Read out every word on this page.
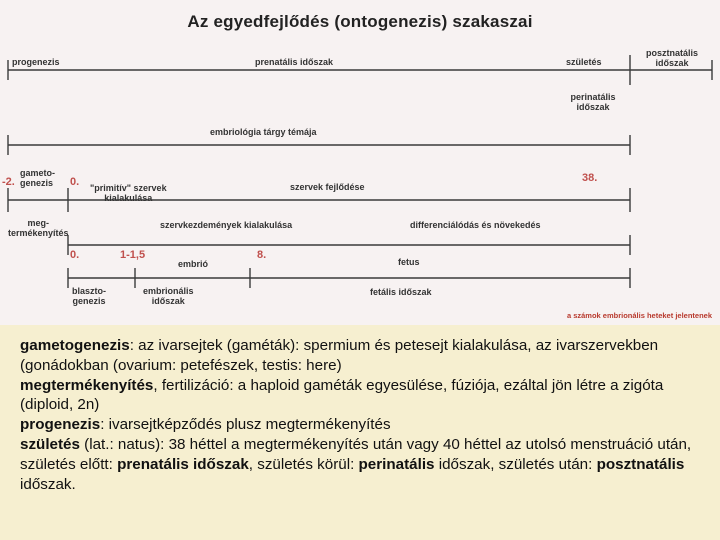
Az egyedfejlődés (ontogenezis) szakaszai
progenezis	prenatális időszak	születés
posztnatális
időszak
perinatális
időszak
embriológia tárgy témája
-2.
gameto-
genezis 0. "primitív" szervek
kialakulása
szervek fejlődése
38.
meg-
termékenyítés
szervkezdemények kialakulása	differenciálódás és növekedés
0.	1-1,5
embrió
8.
fetus
blaszto-
genezis
embrionális
időszak
fetális időszak
a számok embrionális heteket jelentenek

gametogenezis: az ivarsejtek (gaméták): spermium és petesejt kialakulása, az ivarszervekben (gonádokban (ovarium: petefészek, testis: here)

megtermékenyítés, fertilizáció: a haploid gaméták egyesülése, fúziója, ezáltal jön létre a zigóta (diploid, 2n)

progenezis: ivarsejtképződés plusz megtermékenyítés

születés (lat.: natus): 38 héttel a megtermékenyítés után vagy 40 héttel az utolsó menstruáció után,

születés előtt: prenatális időszak, születés körül: perinatális időszak, születés után: posztnatális időszak.
